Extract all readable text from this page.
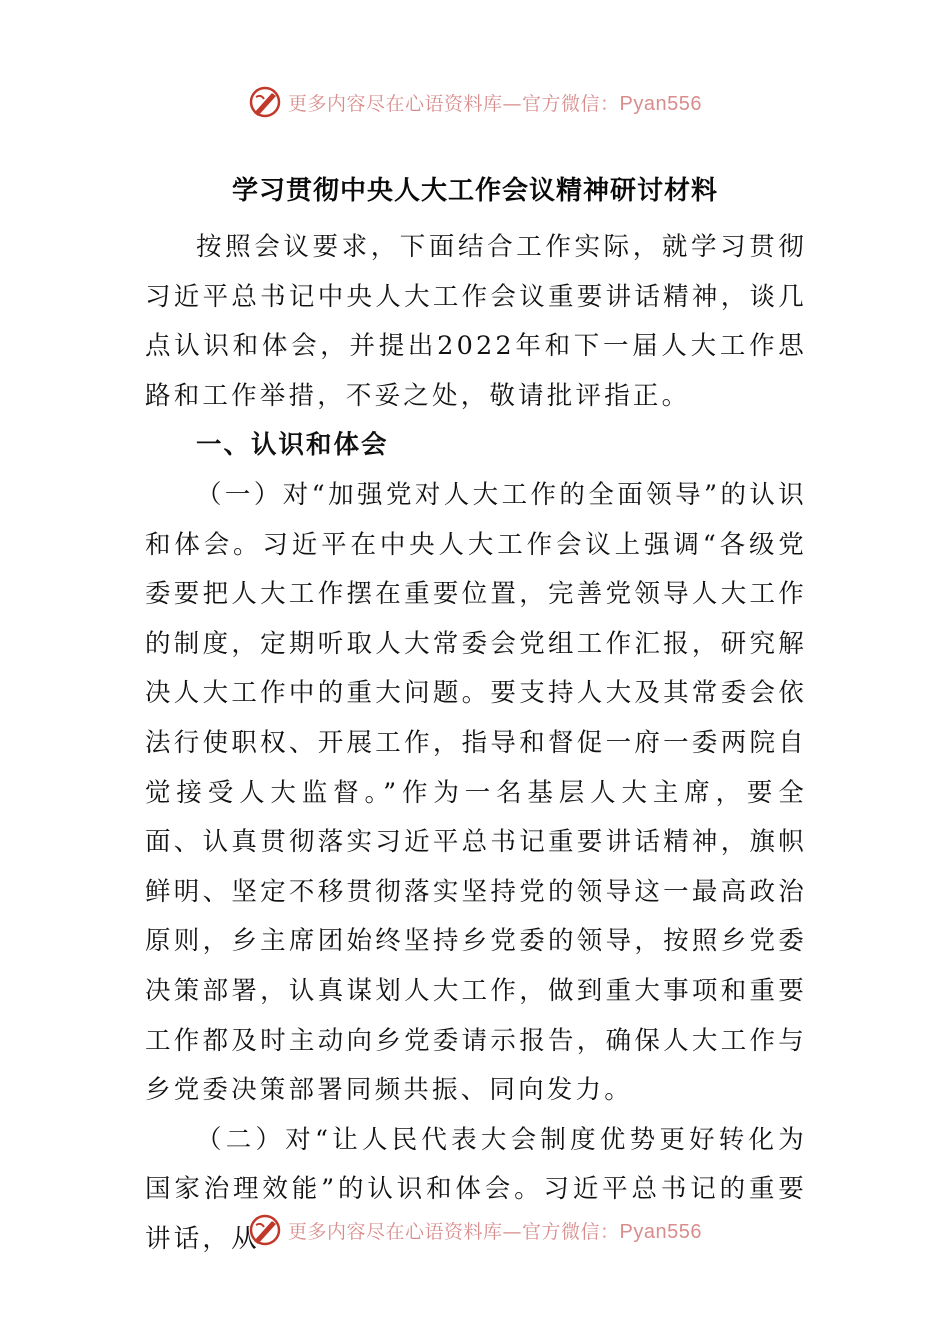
更多内容尽在心语资料库—官方微信：Pyan556
学习贯彻中央人大工作会议精神研讨材料

按照会议要求，下面结合工作实际，就学习贯彻习近平总书记中央人大工作会议重要讲话精神，谈几点认识和体会，并提出2022年和下一届人大工作思路和工作举措，不妥之处，敬请批评指正。

一、认识和体会

（一）对“加强党对人大工作的全面领导”的认识和体会。习近平在中央人大工作会议上强调“各级党委要把人大工作摆在重要位置，完善党领导人大工作的制度，定期听取人大常委会党组工作汇报，研究解决人大工作中的重大问题。要支持人大及其常委会依法行使职权、开展工作，指导和督促一府一委两院自觉接受人大监督。”作为一名基层人大主席，要全面、认真贯彻落实习近平总书记重要讲话精神，旗帜鲜明、坚定不移贯彻落实坚持党的领导这一最高政治原则，乡主席团始终坚持乡党委的领导，按照乡党委决策部署，认真谋划人大工作，做到重大事项和重要工作都及时主动向乡党委请示报告，确保人大工作与乡党委决策部署同频共振、同向发力。

（二）对“让人民代表大会制度优势更好转化为国家治理效能”的认识和体会。习近平总书记的重要讲话，从	更多内容尽在心语资料库—官方微信：Pyan556
